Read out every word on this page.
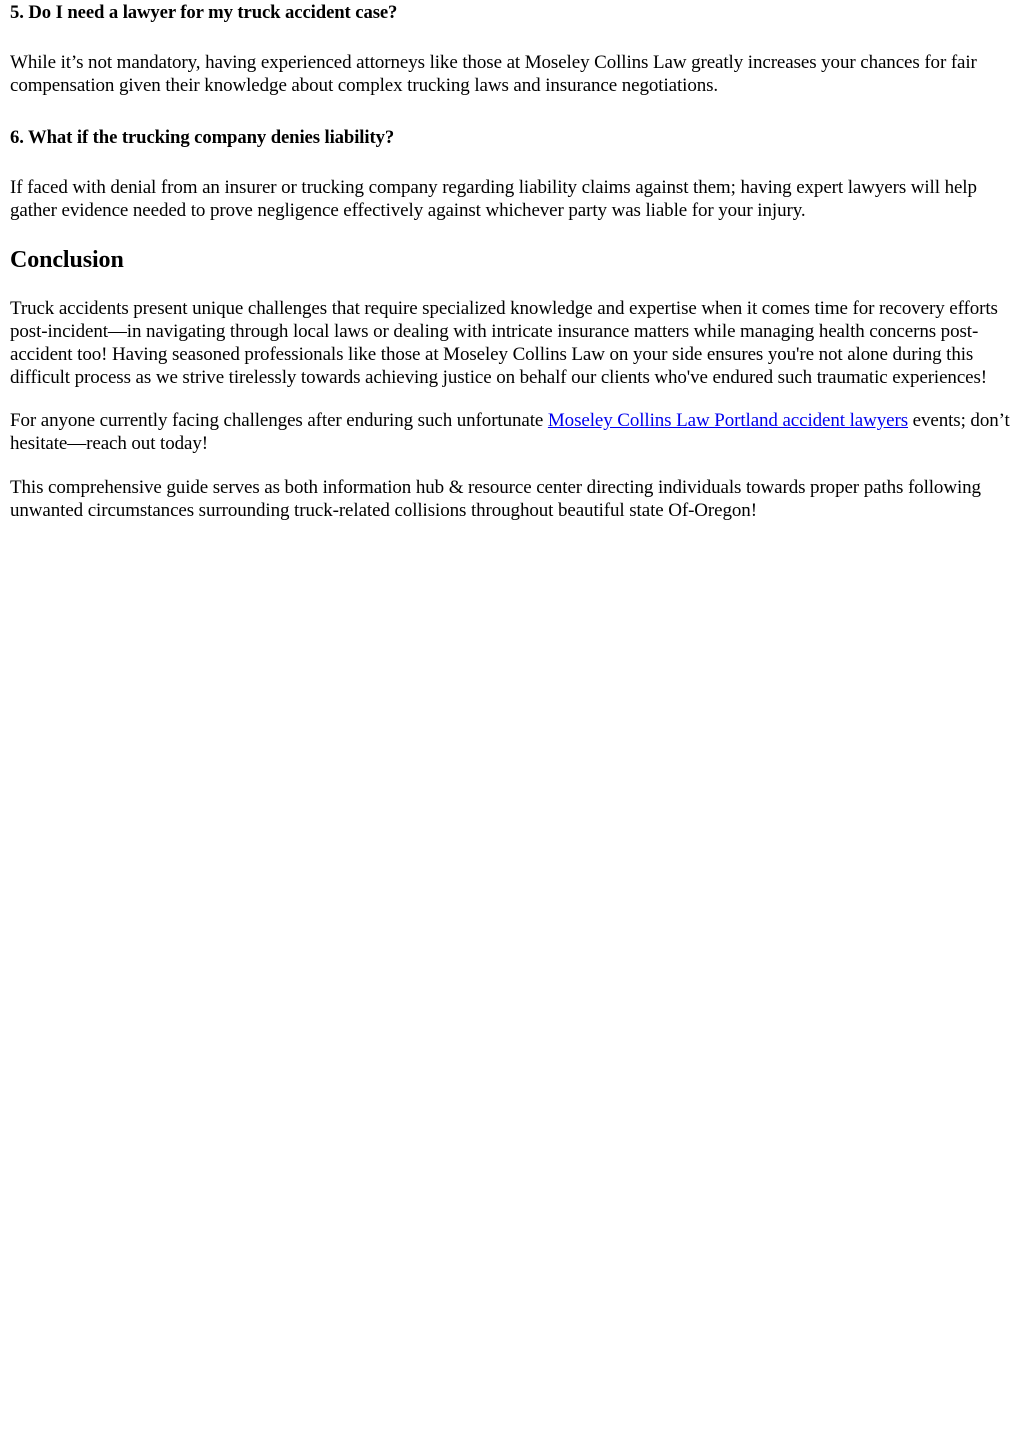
5. Do I need a lawyer for my truck accident case?

While it’s not mandatory, having experienced attorneys like those at Moseley Collins Law greatly increases your chances for fair compensation given their knowledge about complex trucking laws and insurance negotiations.

6. What if the trucking company denies liability?

If faced with denial from an insurer or trucking company regarding liability claims against them; having expert lawyers will help gather evidence needed to prove negligence effectively against whichever party was liable for your injury.

Conclusion

Truck accidents present unique challenges that require specialized knowledge and expertise when it comes time for recovery efforts post-incident—in navigating through local laws or dealing with intricate insurance matters while managing health concerns post-accident too! Having seasoned professionals like those at Moseley Collins Law on your side ensures you're not alone during this difficult process as we strive tirelessly towards achieving justice on behalf our clients who've endured such traumatic experiences!

For anyone currently facing challenges after enduring such unfortunate Moseley Collins Law Portland accident lawyers events; don’t hesitate—reach out today!

This comprehensive guide serves as both information hub & resource center directing individuals towards proper paths following unwanted circumstances surrounding truck-related collisions throughout beautiful state Of-Oregon!
